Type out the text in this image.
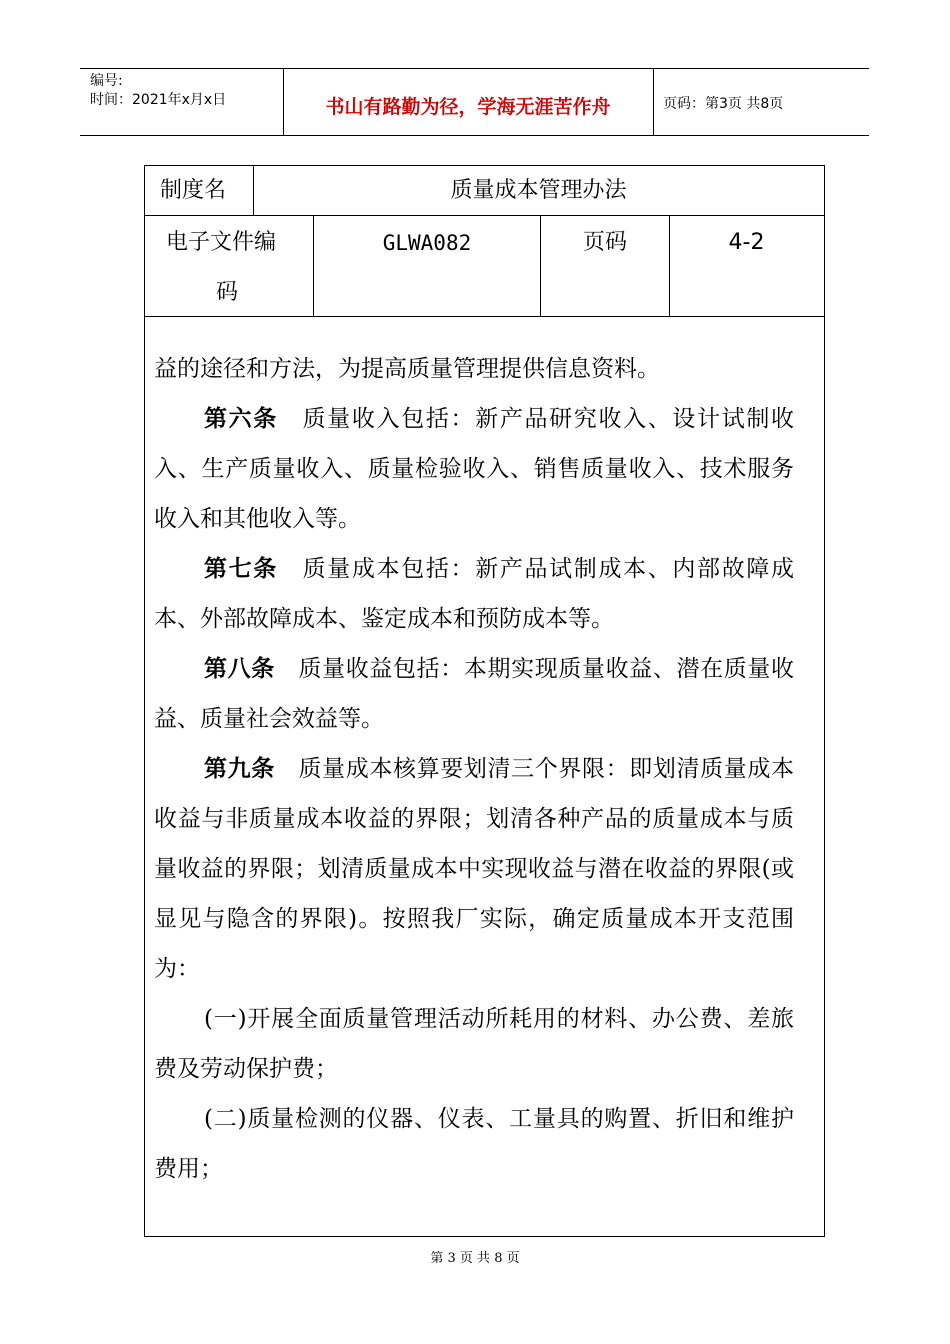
编号:
时间：2021年x月x日	书山有路勤为径，学海无涯苦作舟	页码：第3页 共8页
制度名	质量成本管理办法
电子文件编
码
GLWA082	页码	4-2

益的途径和方法，为提高质量管理提供信息资料。

第六条　 质量收入包括：新产品研究收入、设计试制收入、生产质量收入、质量检验收入、销售质量收入、技术服务收入和其他收入等。

第七条　 质量成本包括：新产品试制成本、内部故障成本、外部故障成本、鉴定成本和预防成本等。

第八条　 质量收益包括：本期实现质量收益、潜在质量收益、质量社会效益等。

第九条　 质量成本核算要划清三个界限：即划清质量成本收益与非质量成本收益的界限；划清各种产品的质量成本与质量收益的界限；划清质量成本中实现收益与潜在收益的界限(或显见与隐含的界限)。按照我厂实际，确定质量成本开支范围为：

(一)开展全面质量管理活动所耗用的材料、办公费、差旅费及劳动保护费；

(二)质量检测的仪器、仪表、工量具的购置、折旧和维护费用；

第 3 页 共 8 页
